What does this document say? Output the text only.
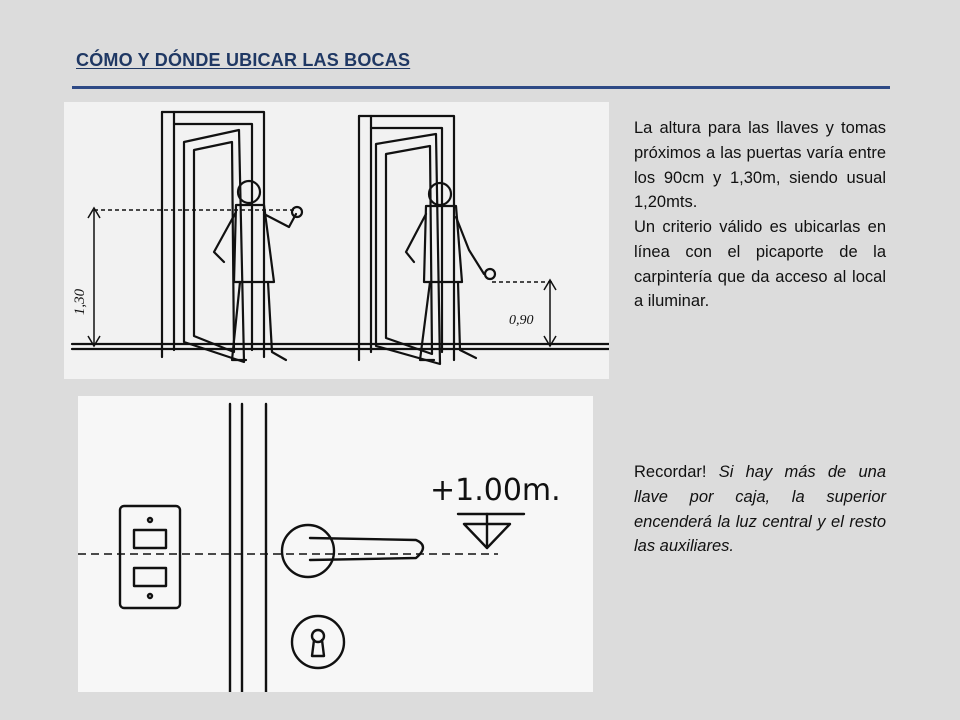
CÓMO Y DÓNDE UBICAR LAS BOCAS
1,30
0,90
+1.00m.

La altura para las llaves y tomas próximos a las puertas varía entre los 90cm y 1,30m, siendo usual 1,20mts.

Un criterio válido es ubicarlas en línea con el picaporte de la carpintería que da acceso al local a iluminar.

Recordar! Si hay más de una llave por caja, la superior encenderá la luz central y el resto las auxiliares.
